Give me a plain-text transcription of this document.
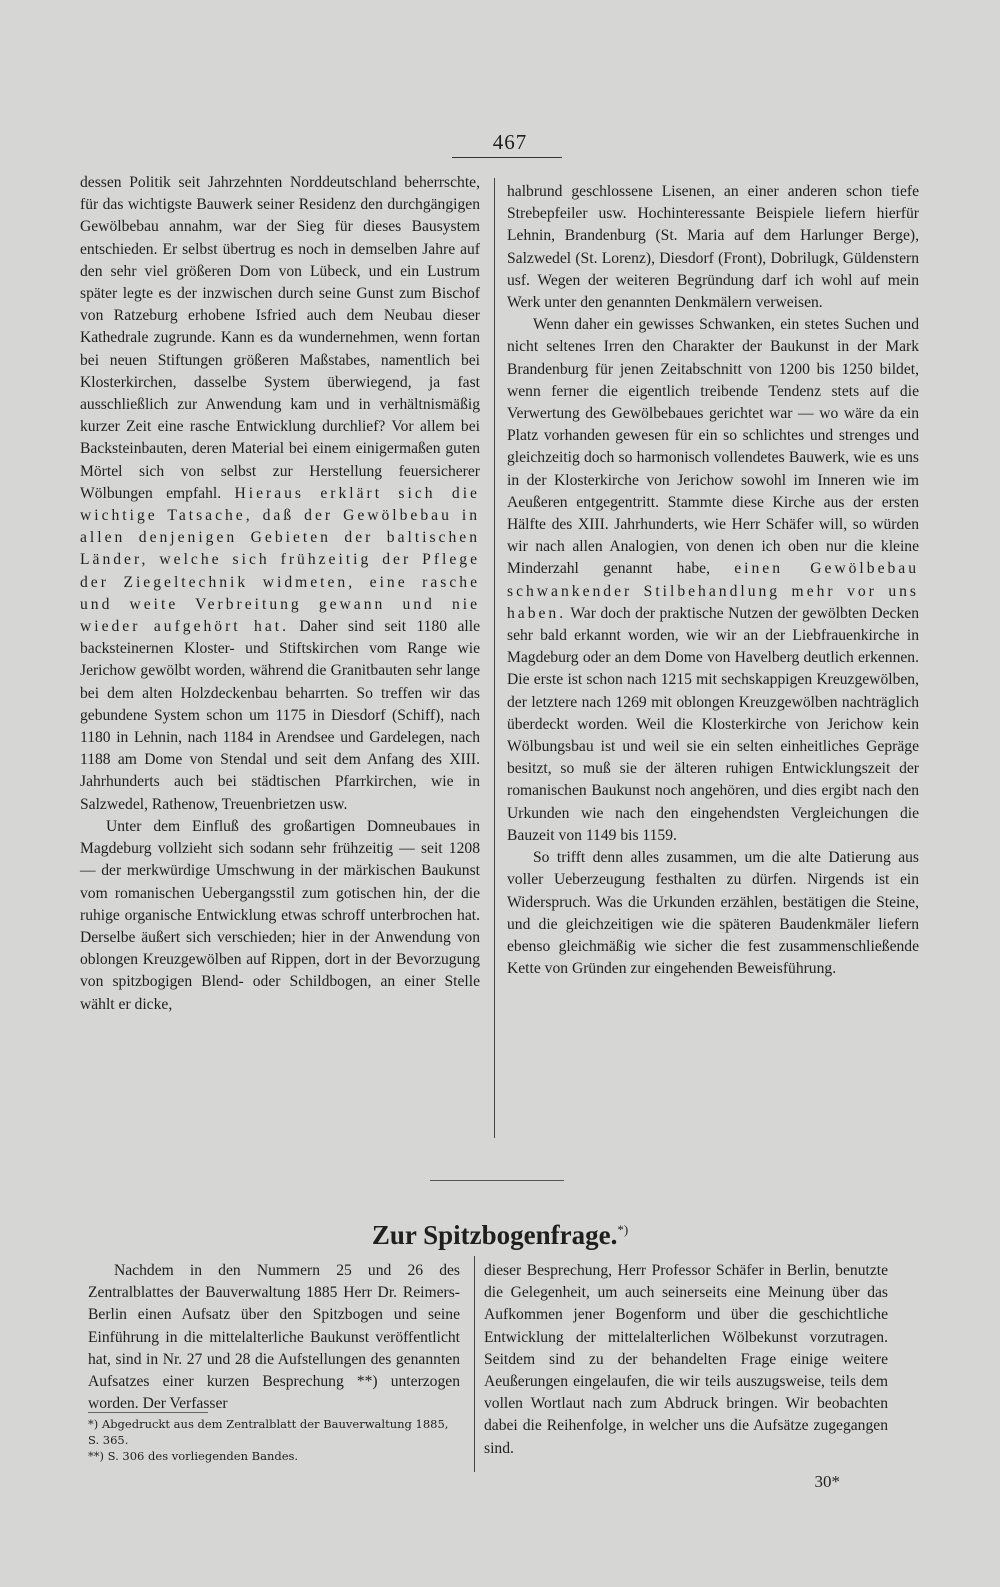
467

dessen Politik seit Jahrzehnten Norddeutschland beherrschte, für das wichtigste Bauwerk seiner Residenz den durchgängigen Gewölbebau annahm, war der Sieg für dieses Bausystem entschieden. Er selbst übertrug es noch in demselben Jahre auf den sehr viel größeren Dom von Lübeck, und ein Lustrum später legte es der inzwischen durch seine Gunst zum Bischof von Ratzeburg erhobene Isfried auch dem Neubau dieser Kathedrale zugrunde. Kann es da wundernehmen, wenn fortan bei neuen Stiftungen größeren Maßstabes, namentlich bei Klosterkirchen, dasselbe System überwiegend, ja fast ausschließlich zur Anwendung kam und in verhältnismäßig kurzer Zeit eine rasche Entwicklung durchlief? Vor allem bei Backsteinbauten, deren Material bei einem einigermaßen guten Mörtel sich von selbst zur Herstellung feuersicherer Wölbungen empfahl. Hieraus erklärt sich die wichtige Tatsache, daß der Gewölbebau in allen denjenigen Gebieten der baltischen Länder, welche sich frühzeitig der Pflege der Ziegeltechnik widmeten, eine rasche und weite Verbreitung gewann und nie wieder aufgehört hat. Daher sind seit 1180 alle backsteinernen Kloster- und Stiftskirchen vom Range wie Jerichow gewölbt worden, während die Granitbauten sehr lange bei dem alten Holzdeckenbau beharrten. So treffen wir das gebundene System schon um 1175 in Diesdorf (Schiff), nach 1180 in Lehnin, nach 1184 in Arendsee und Gardelegen, nach 1188 am Dome von Stendal und seit dem Anfang des XIII. Jahrhunderts auch bei städtischen Pfarrkirchen, wie in Salzwedel, Rathenow, Treuenbrietzen usw.

Unter dem Einfluß des großartigen Domneubaues in Magdeburg vollzieht sich sodann sehr frühzeitig — seit 1208 — der merkwürdige Umschwung in der märkischen Baukunst vom romanischen Uebergangsstil zum gotischen hin, der die ruhige organische Entwicklung etwas schroff unterbrochen hat. Derselbe äußert sich verschieden; hier in der Anwendung von oblongen Kreuzgewölben auf Rippen, dort in der Bevorzugung von spitzbogigen Blend- oder Schildbogen, an einer Stelle wählt er dicke,

halbrund geschlossene Lisenen, an einer anderen schon tiefe Strebepfeiler usw. Hochinteressante Beispiele liefern hierfür Lehnin, Brandenburg (St. Maria auf dem Harlunger Berge), Salzwedel (St. Lorenz), Diesdorf (Front), Dobrilugk, Güldenstern usf. Wegen der weiteren Begründung darf ich wohl auf mein Werk unter den genannten Denkmälern verweisen.

Wenn daher ein gewisses Schwanken, ein stetes Suchen und nicht seltenes Irren den Charakter der Baukunst in der Mark Brandenburg für jenen Zeitabschnitt von 1200 bis 1250 bildet, wenn ferner die eigentlich treibende Tendenz stets auf die Verwertung des Gewölbebaues gerichtet war — wo wäre da ein Platz vorhanden gewesen für ein so schlichtes und strenges und gleichzeitig doch so harmonisch vollendetes Bauwerk, wie es uns in der Klosterkirche von Jerichow sowohl im Inneren wie im Aeußeren entgegentritt. Stammte diese Kirche aus der ersten Hälfte des XIII. Jahrhunderts, wie Herr Schäfer will, so würden wir nach allen Analogien, von denen ich oben nur die kleine Minderzahl genannt habe, einen Gewölbebau schwankender Stilbehandlung mehr vor uns haben. War doch der praktische Nutzen der gewölbten Decken sehr bald erkannt worden, wie wir an der Liebfrauenkirche in Magdeburg oder an dem Dome von Havelberg deutlich erkennen. Die erste ist schon nach 1215 mit sechskappigen Kreuzgewölben, der letztere nach 1269 mit oblongen Kreuzgewölben nachträglich überdeckt worden. Weil die Klosterkirche von Jerichow kein Wölbungsbau ist und weil sie ein selten einheitliches Gepräge besitzt, so muß sie der älteren ruhigen Entwicklungszeit der romanischen Baukunst noch angehören, und dies ergibt nach den Urkunden wie nach den eingehendsten Vergleichungen die Bauzeit von 1149 bis 1159.

So trifft denn alles zusammen, um die alte Datierung aus voller Ueberzeugung festhalten zu dürfen. Nirgends ist ein Widerspruch. Was die Urkunden erzählen, bestätigen die Steine, und die gleichzeitigen wie die späteren Baudenkmäler liefern ebenso gleichmäßig wie sicher die fest zusammenschließende Kette von Gründen zur eingehenden Beweisführung.

Zur Spitzbogenfrage.*)

Nachdem in den Nummern 25 und 26 des Zentralblattes der Bauverwaltung 1885 Herr Dr. Reimers-Berlin einen Aufsatz über den Spitzbogen und seine Einführung in die mittelalterliche Baukunst veröffentlicht hat, sind in Nr. 27 und 28 die Aufstellungen des genannten Aufsatzes einer kurzen Besprechung **) unterzogen worden. Der Verfasser

dieser Besprechung, Herr Professor Schäfer in Berlin, benutzte die Gelegenheit, um auch seinerseits eine Meinung über das Aufkommen jener Bogenform und über die geschichtliche Entwicklung der mittelalterlichen Wölbekunst vorzutragen. Seitdem sind zu der behandelten Frage einige weitere Aeußerungen eingelaufen, die wir teils auszugsweise, teils dem vollen Wortlaut nach zum Abdruck bringen. Wir beobachten dabei die Reihenfolge, in welcher uns die Aufsätze zugegangen sind.

*) Abgedruckt aus dem Zentralblatt der Bauverwaltung 1885, S. 365.

**) S. 306 des vorliegenden Bandes.

30*
